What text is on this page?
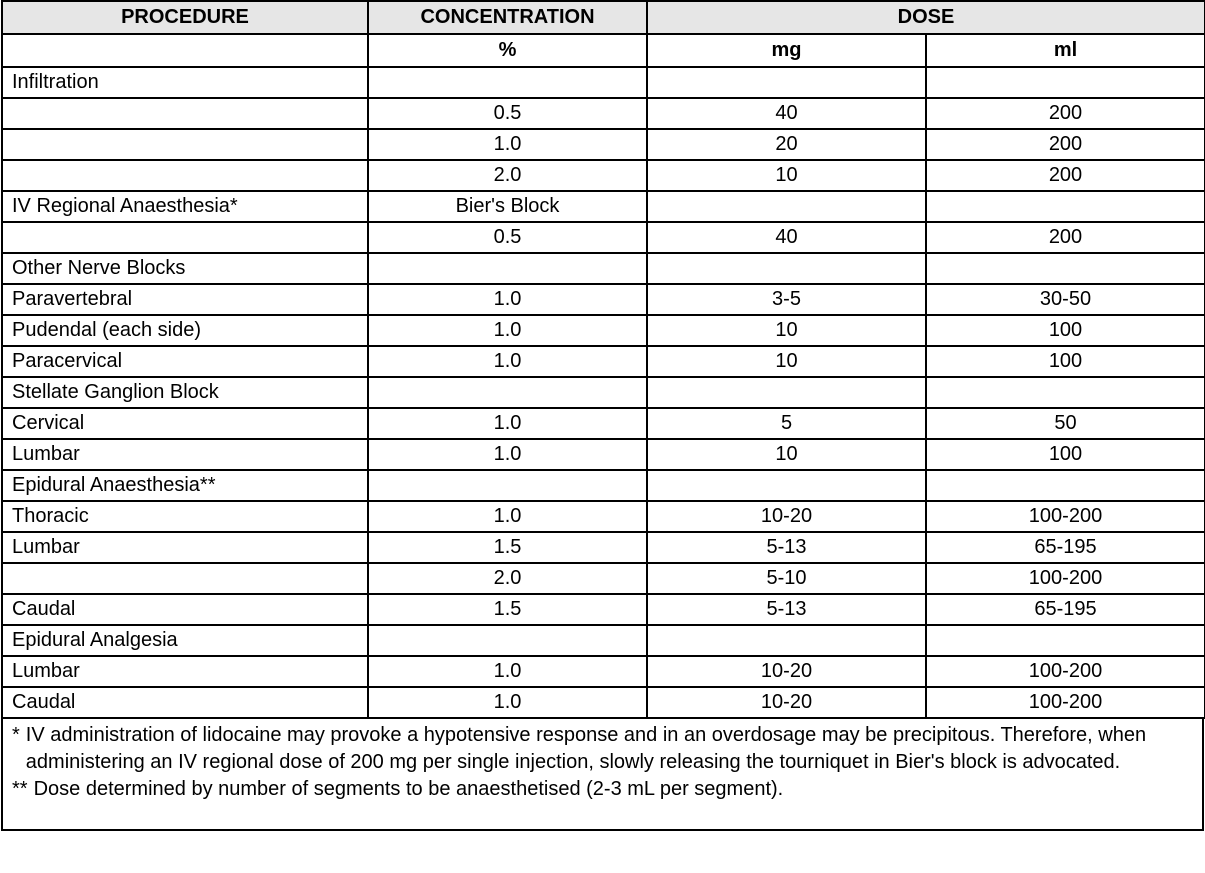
PROCEDURE	CONCENTRATION	DOSE	
	%	mg	ml
Infiltration			
	0.5	40	200
	1.0	20	200
	2.0	10	200
IV Regional Anaesthesia*	Bier's Block		
	0.5	40	200
Other Nerve Blocks			
Paravertebral	1.0	3-5	30-50
Pudendal (each side)	1.0	10	100
Paracervical	1.0	10	100
Stellate Ganglion Block			
Cervical	1.0	5	50
Lumbar	1.0	10	100
Epidural Anaesthesia**			
Thoracic	1.0	10-20	100-200
Lumbar	1.5	5-13	65-195
	2.0	5-10	100-200
Caudal	1.5	5-13	65-195
Epidural Analgesia			
Lumbar	1.0	10-20	100-200
Caudal	1.0	10-20	100-200
* IV administration of lidocaine may provoke a hypotensive response and in an overdosage may be precipitous. Therefore, when administering an IV regional dose of 200 mg per single injection, slowly releasing the tourniquet in Bier's block is advocated.
** Dose determined by number of segments to be anaesthetised (2-3 mL per segment).
